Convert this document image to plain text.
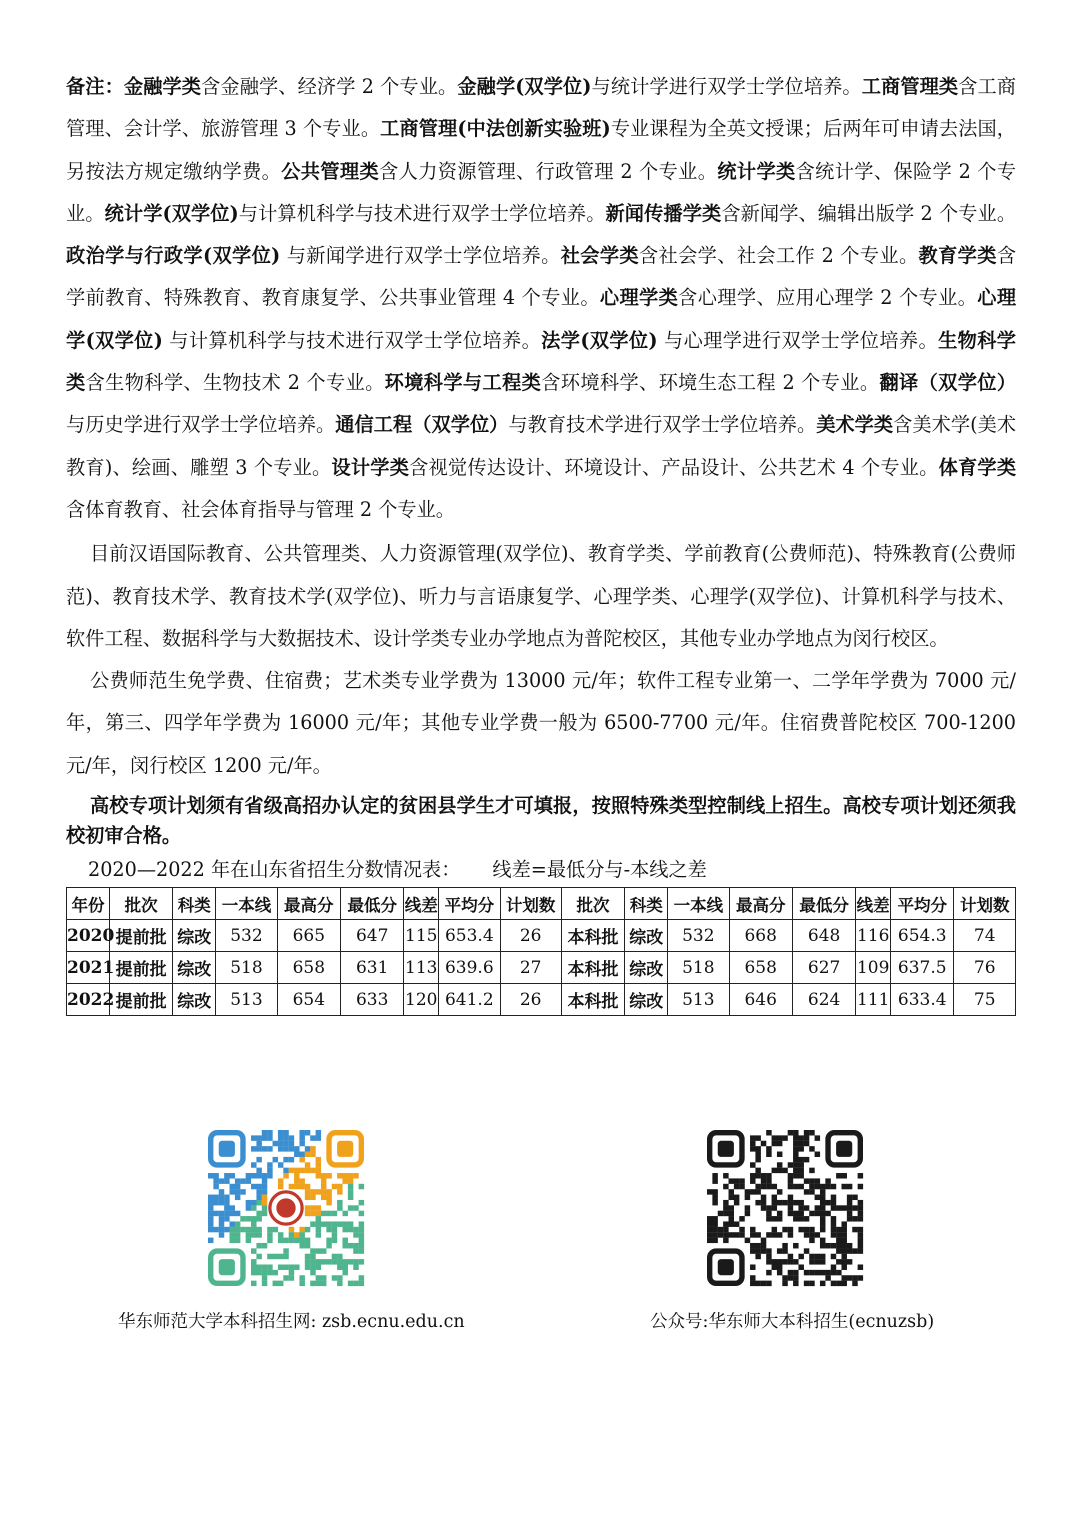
备注：金融学类含金融学、经济学 2 个专业。金融学(双学位)与统计学进行双学士学位培养。工商管理类含工商管理、会计学、旅游管理 3 个专业。工商管理(中法创新实验班)专业课程为全英文授课；后两年可申请去法国，另按法方规定缴纳学费。公共管理类含人力资源管理、行政管理 2 个专业。统计学类含统计学、保险学 2 个专业。统计学(双学位)与计算机科学与技术进行双学士学位培养。新闻传播学类含新闻学、编辑出版学 2 个专业。政治学与行政学(双学位) 与新闻学进行双学士学位培养。社会学类含社会学、社会工作 2 个专业。教育学类含学前教育、特殊教育、教育康复学、公共事业管理 4 个专业。心理学类含心理学、应用心理学 2 个专业。心理学(双学位) 与计算机科学与技术进行双学士学位培养。法学(双学位) 与心理学进行双学士学位培养。生物科学类含生物科学、生物技术 2 个专业。环境科学与工程类含环境科学、环境生态工程 2 个专业。翻译（双学位）与历史学进行双学士学位培养。通信工程（双学位）与教育技术学进行双学士学位培养。美术学类含美术学(美术教育)、绘画、雕塑 3 个专业。设计学类含视觉传达设计、环境设计、产品设计、公共艺术 4 个专业。体育学类含体育教育、社会体育指导与管理 2 个专业。

目前汉语国际教育、公共管理类、人力资源管理(双学位)、教育学类、学前教育(公费师范)、特殊教育(公费师范)、教育技术学、教育技术学(双学位)、听力与言语康复学、心理学类、心理学(双学位)、计算机科学与技术、软件工程、数据科学与大数据技术、设计学类专业办学地点为普陀校区，其他专业办学地点为闵行校区。

公费师范生免学费、住宿费；艺术类专业学费为 13000 元/年；软件工程专业第一、二学年学费为 7000 元/年，第三、四学年学费为 16000 元/年；其他专业学费一般为 6500-7700 元/年。住宿费普陀校区 700-1200 元/年，闵行校区 1200 元/年。

高校专项计划须有省级高招办认定的贫困县学生才可填报，按照特殊类型控制线上招生。高校专项计划还须我校初审合格。

2020—2022 年在山东省招生分数情况表： 线差=最低分与-本线之差
年份	批次	科类	一本线	最高分	最低分	线差	平均分	计划数	批次	科类	一本线	最高分	最低分	线差	平均分	计划数
2020	提前批	综改	532	665	647	115	653.4	26	本科批	综改	532	668	648	116	654.3	74
2021	提前批	综改	518	658	631	113	639.6	27	本科批	综改	518	658	627	109	637.5	76
2022	提前批	综改	513	654	633	120	641.2	26	本科批	综改	513	646	624	111	633.4	75
华东师范大学本科招生网: zsb.ecnu.edu.cn	公众号:华东师大本科招生(ecnuzsb)
